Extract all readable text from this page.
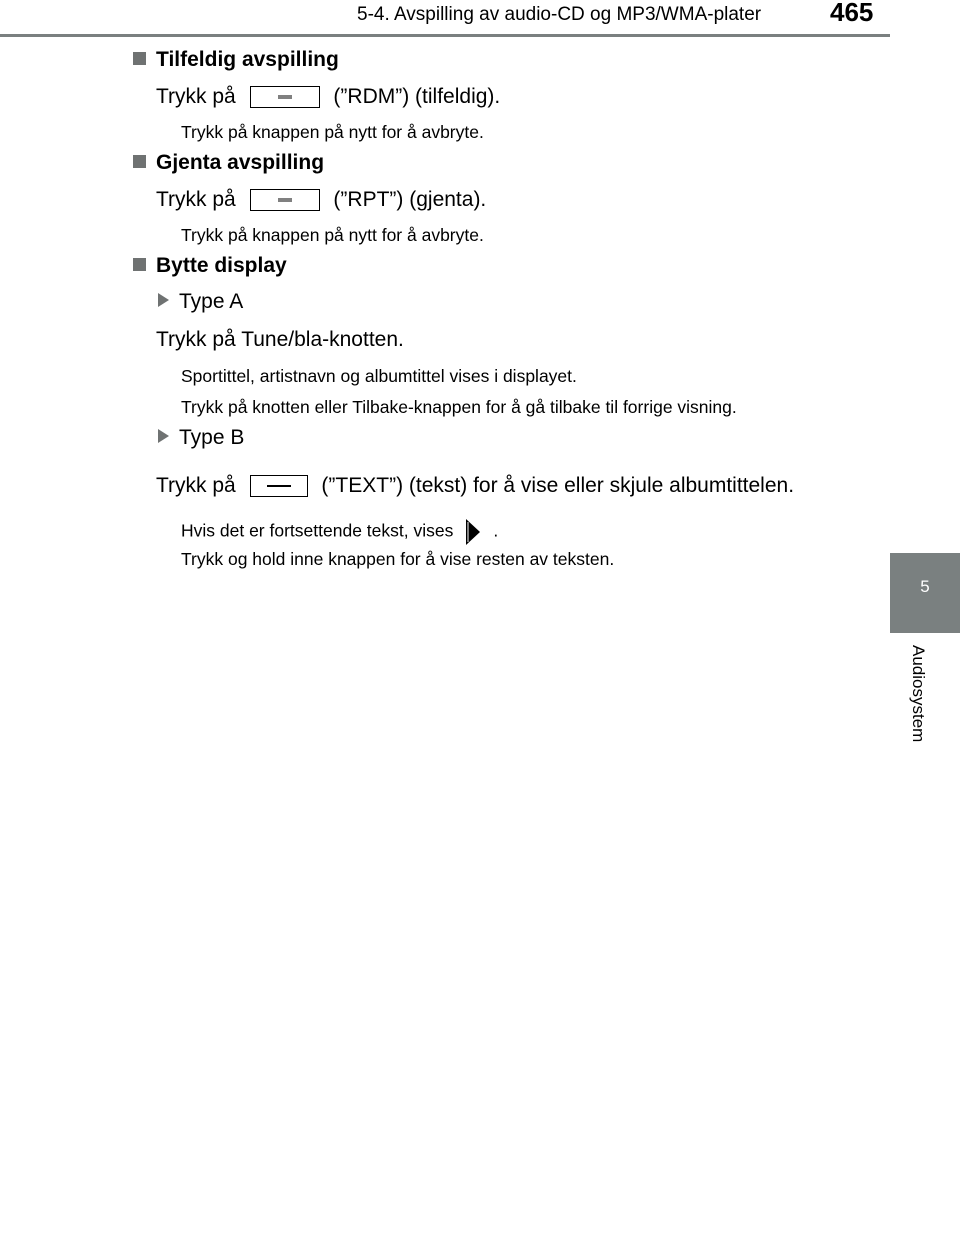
5-4. Avspilling av audio-CD og MP3/WMA-plater	465
5
Audiosystem
Tilfeldig avspilling
Trykk på	(”RDM”) (tilfeldig).
Trykk på knappen på nytt for å avbryte.
Gjenta avspilling
Trykk på	(”RPT”) (gjenta).
Trykk på knappen på nytt for å avbryte.
Bytte display
Type A
Trykk på Tune/bla-knotten.
Sportittel, artistnavn og albumtittel vises i displayet.
Trykk på knotten eller Tilbake-knappen for å gå tilbake til forrige visning.
Type B
Trykk på	(”TEXT”) (tekst) for å vise eller skjule albumtittelen.
Hvis det er fortsettende tekst, vises .
Trykk og hold inne knappen for å vise resten av teksten.
